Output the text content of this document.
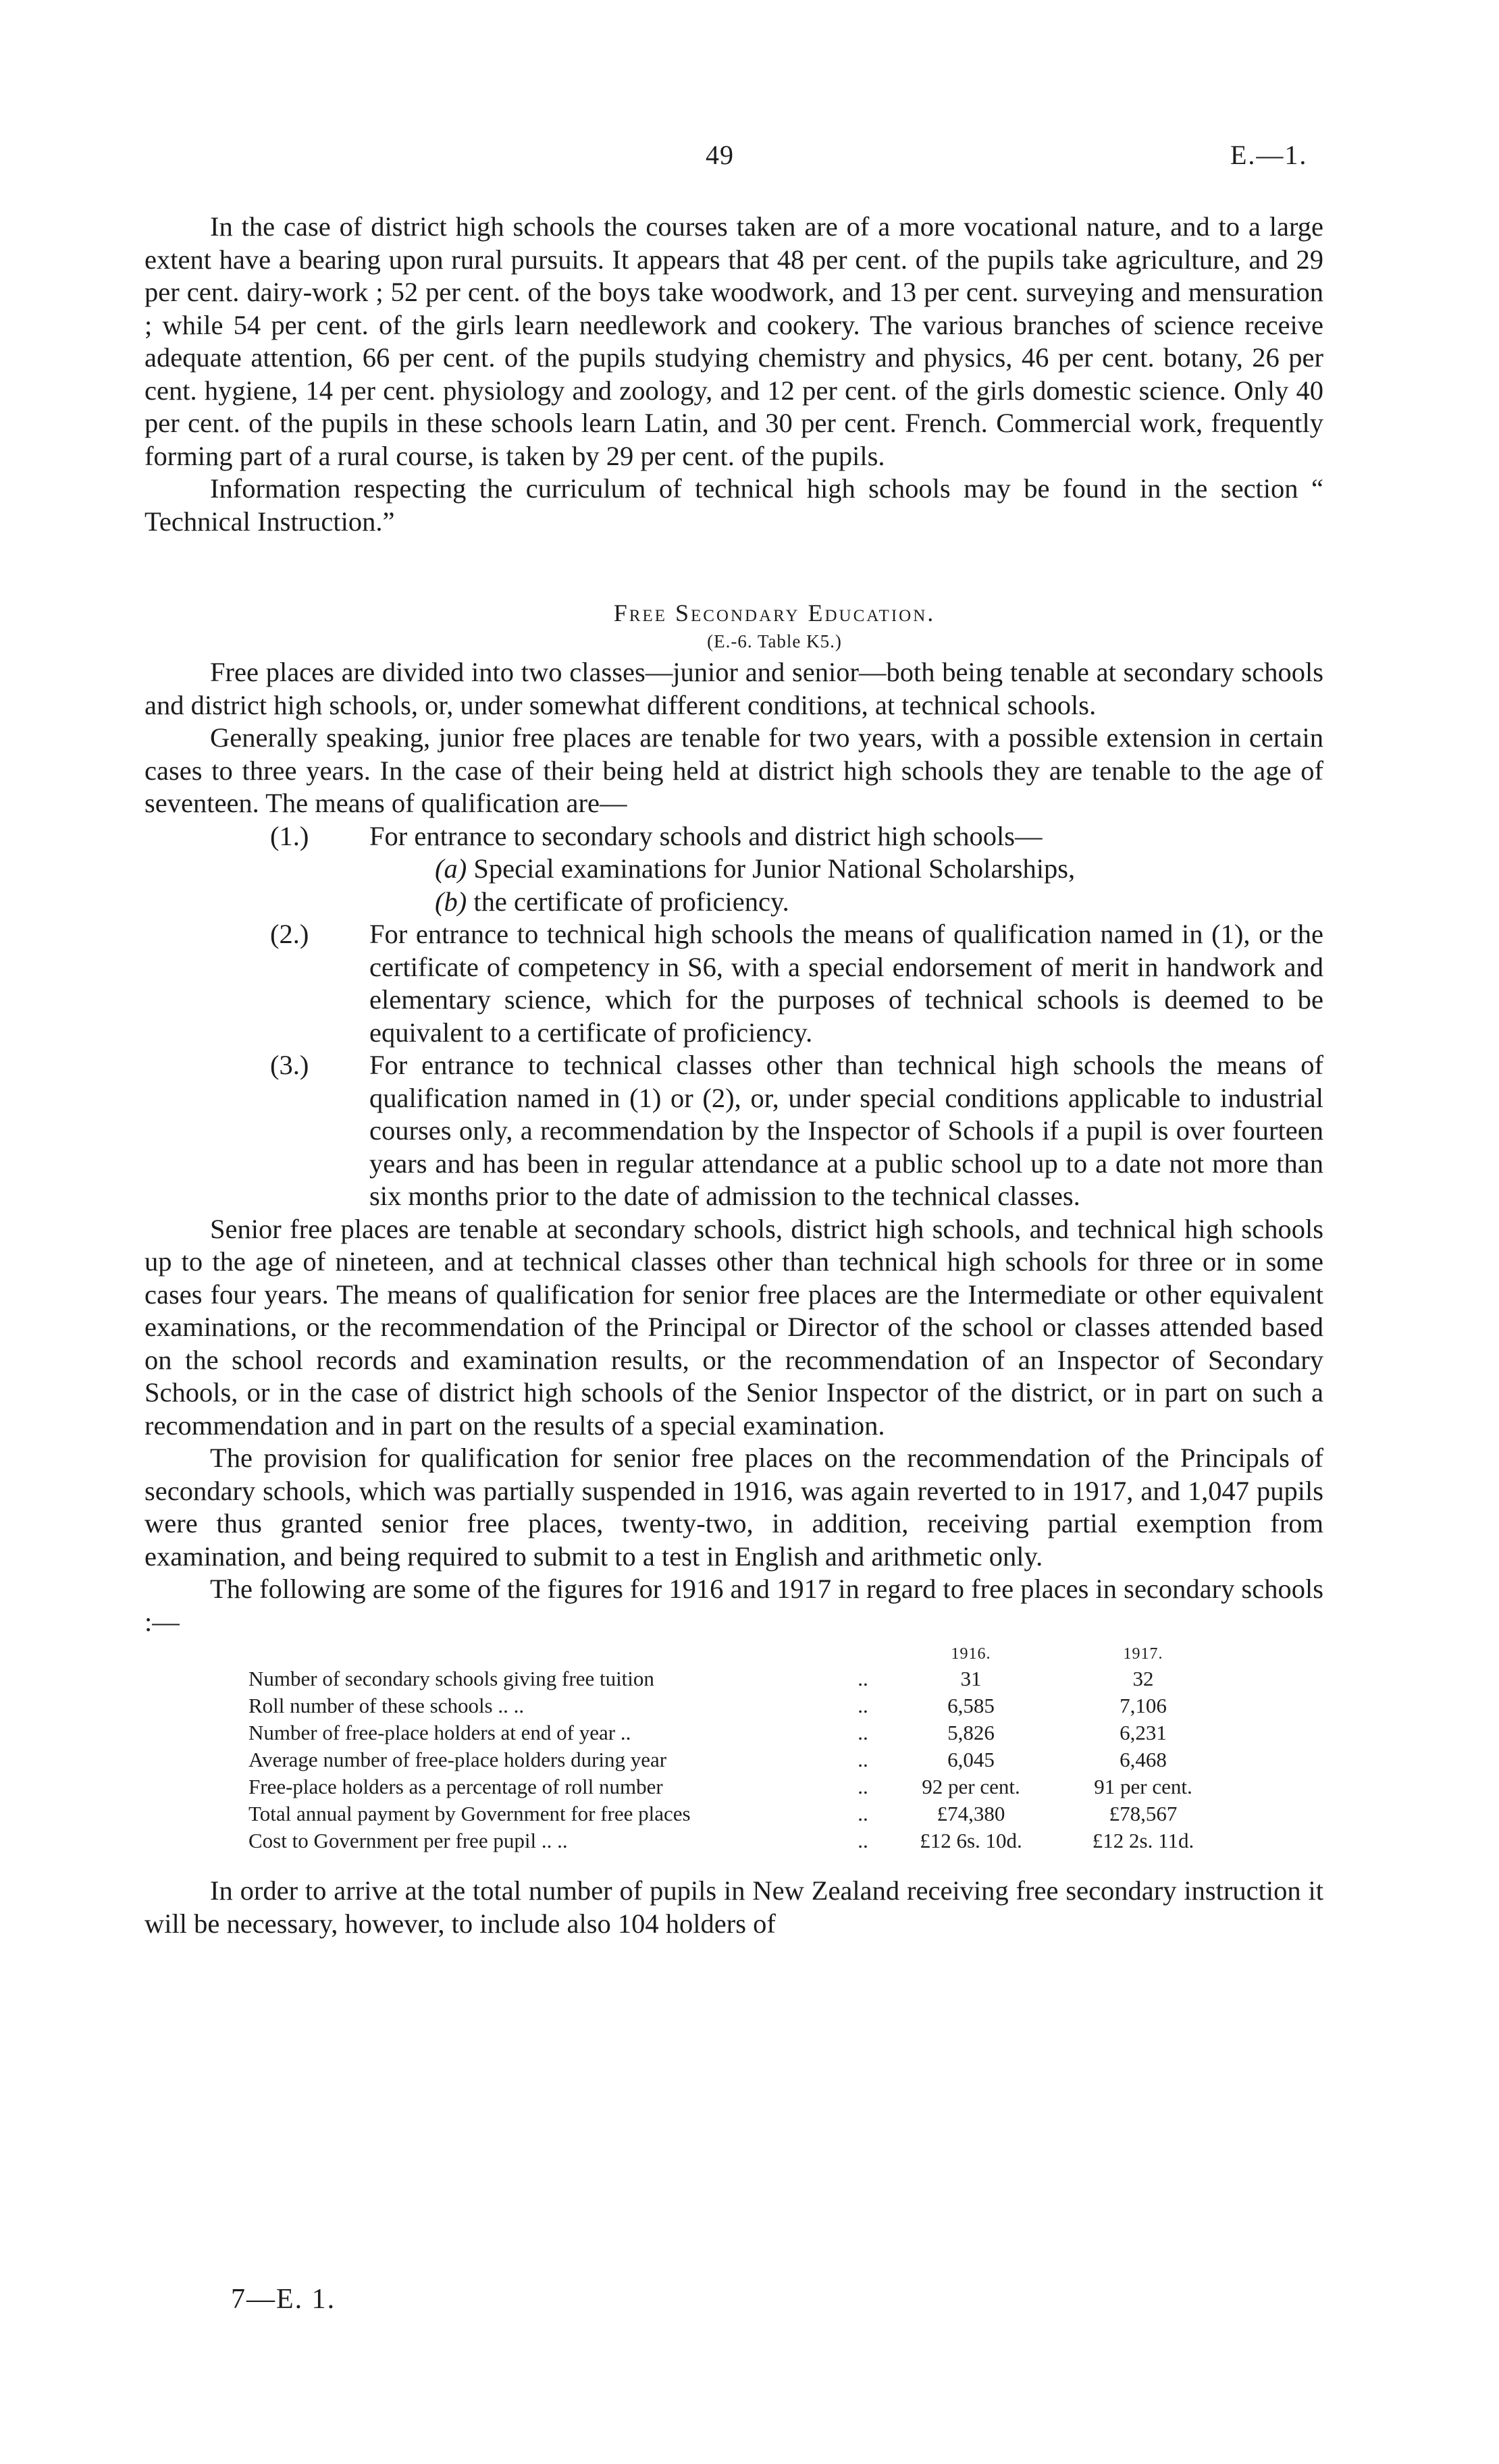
49	E.—1.

In the case of district high schools the courses taken are of a more vocational nature, and to a large extent have a bearing upon rural pursuits. It appears that 48 per cent. of the pupils take agriculture, and 29 per cent. dairy-work ; 52 per cent. of the boys take woodwork, and 13 per cent. surveying and mensuration ; while 54 per cent. of the girls learn needlework and cookery. The various branches of science receive adequate attention, 66 per cent. of the pupils studying chemistry and physics, 46 per cent. botany, 26 per cent. hygiene, 14 per cent. physiology and zoology, and 12 per cent. of the girls domestic science. Only 40 per cent. of the pupils in these schools learn Latin, and 30 per cent. French. Commercial work, frequently forming part of a rural course, is taken by 29 per cent. of the pupils.

Information respecting the curriculum of technical high schools may be found in the section “ Technical Instruction.”

Free Secondary Education.
(E.-6. Table K5.)

Free places are divided into two classes—junior and senior—both being tenable at secondary schools and district high schools, or, under somewhat different conditions, at technical schools.

Generally speaking, junior free places are tenable for two years, with a possible extension in certain cases to three years. In the case of their being held at district high schools they are tenable to the age of seventeen. The means of qualification are—

(1.) For entrance to secondary schools and district high schools—
(a) Special examinations for Junior National Scholarships,
(b) the certificate of proficiency.
(2.) For entrance to technical high schools the means of qualification named in (1), or the certificate of competency in S6, with a special endorsement of merit in handwork and elementary science, which for the purposes of technical schools is deemed to be equivalent to a certificate of proficiency.
(3.) For entrance to technical classes other than technical high schools the means of qualification named in (1) or (2), or, under special conditions applicable to industrial courses only, a recommendation by the Inspector of Schools if a pupil is over fourteen years and has been in regular attendance at a public school up to a date not more than six months prior to the date of admission to the technical classes.

Senior free places are tenable at secondary schools, district high schools, and technical high schools up to the age of nineteen, and at technical classes other than technical high schools for three or in some cases four years. The means of qualification for senior free places are the Intermediate or other equivalent examinations, or the recommendation of the Principal or Director of the school or classes attended based on the school records and examination results, or the recommendation of an Inspector of Secondary Schools, or in the case of district high schools of the Senior Inspector of the district, or in part on such a recommendation and in part on the results of a special examination.

The provision for qualification for senior free places on the recommendation of the Principals of secondary schools, which was partially suspended in 1916, was again reverted to in 1917, and 1,047 pupils were thus granted senior free places, twenty-two, in addition, receiving partial exemption from examination, and being required to submit to a test in English and arithmetic only.

The following are some of the figures for 1916 and 1917 in regard to free places in secondary schools :—

		1916.	1917.
Number of secondary schools giving free tuition	..	31	32
Roll number of these schools .. ..	..	6,585	7,106
Number of free-place holders at end of year ..	..	5,826	6,231
Average number of free-place holders during year	..	6,045	6,468
Free-place holders as a percentage of roll number	..	92 per cent.	91 per cent.
Total annual payment by Government for free places	..	£74,380	£78,567
Cost to Government per free pupil .. ..	..	£12 6s. 10d.	£12 2s. 11d.

In order to arrive at the total number of pupils in New Zealand receiving free secondary instruction it will be necessary, however, to include also 104 holders of

7—E. 1.
